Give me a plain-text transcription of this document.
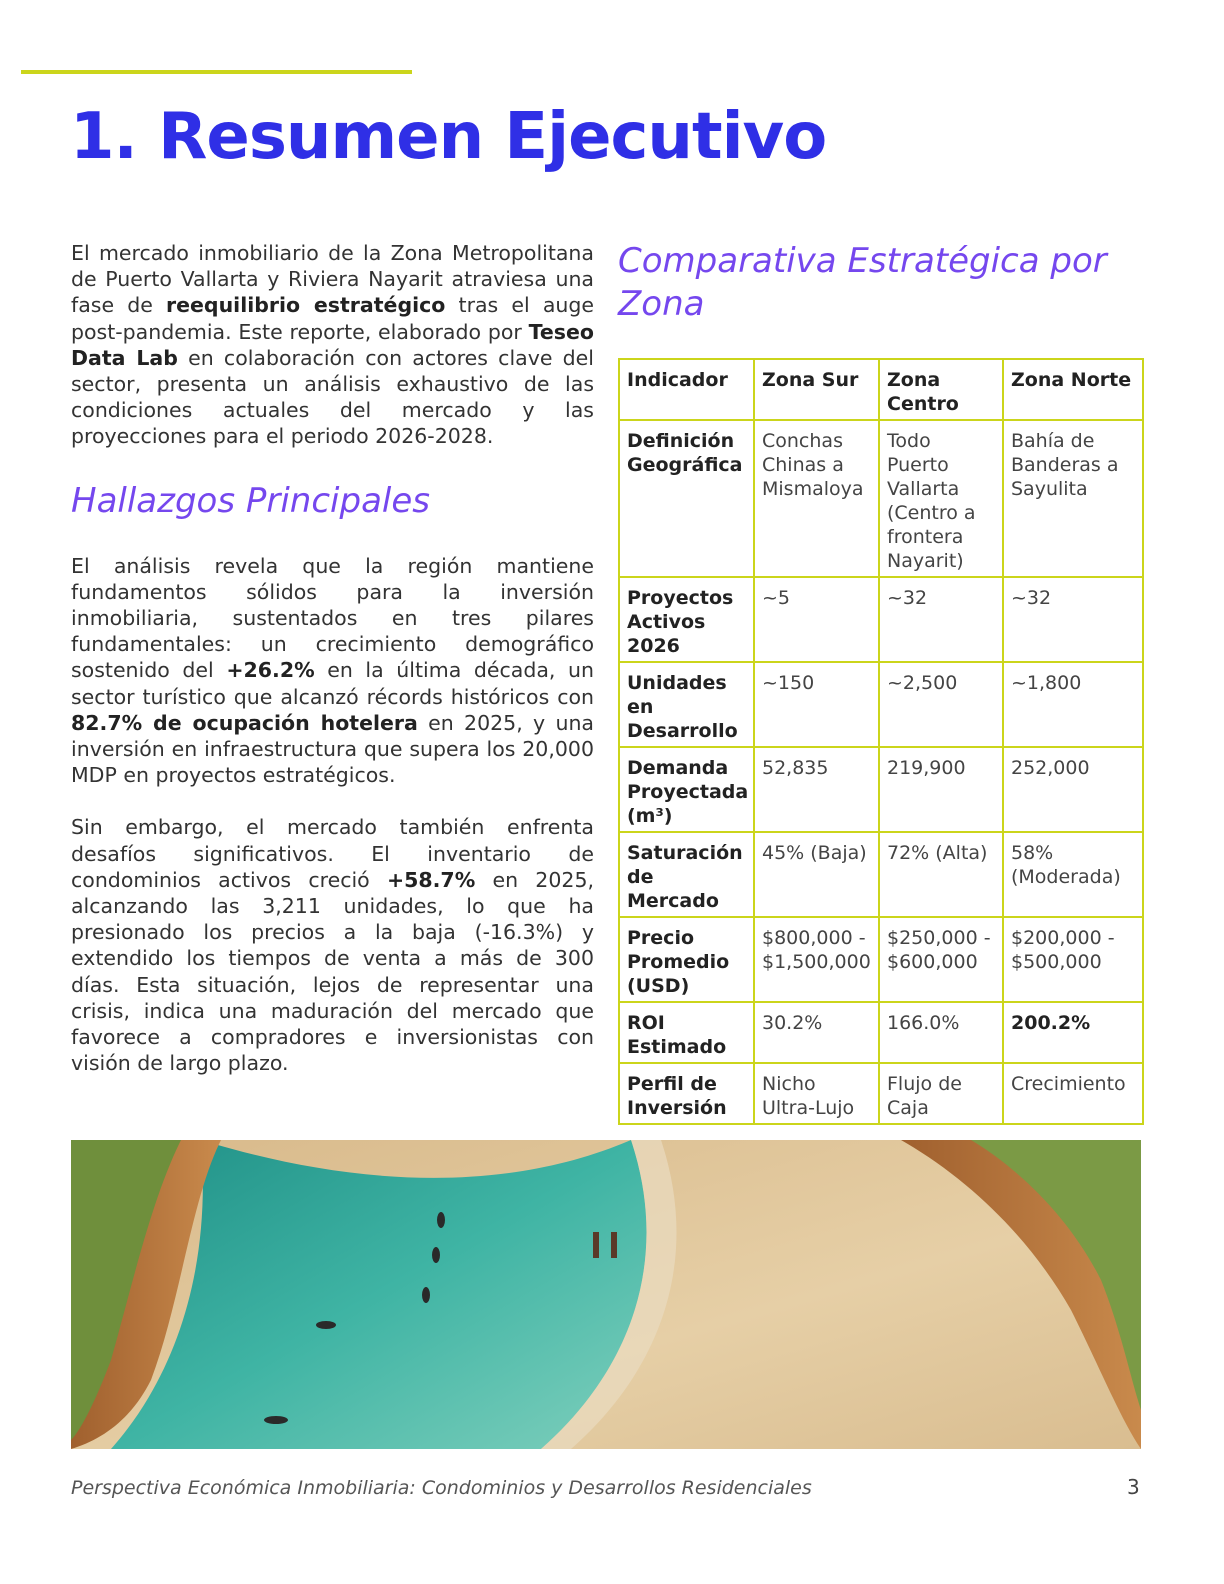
1. Resumen Ejecutivo

El mercado inmobiliario de la Zona Metropolitana de Puerto Vallarta y Riviera Nayarit atraviesa una fase de reequilibrio estratégico tras el auge post-pandemia. Este reporte, elaborado por Teseo Data Lab en colaboración con actores clave del sector, presenta un análisis exhaustivo de las condiciones actuales del mercado y las proyecciones para el periodo 2026-2028.

Hallazgos Principales

El análisis revela que la región mantiene fundamentos sólidos para la inversión inmobiliaria, sustentados en tres pilares fundamentales: un crecimiento demográfico sostenido del +26.2% en la última década, un sector turístico que alcanzó récords históricos con 82.7% de ocupación hotelera en 2025, y una inversión en infraestructura que supera los 20,000 MDP en proyectos estratégicos.

Sin embargo, el mercado también enfrenta desafíos significativos. El inventario de condominios activos creció +58.7% en 2025, alcanzando las 3,211 unidades, lo que ha presionado los precios a la baja (-16.3%) y extendido los tiempos de venta a más de 300 días. Esta situación, lejos de representar una crisis, indica una maduración del mercado que favorece a compradores e inversionistas con visión de largo plazo.

Comparativa Estratégica por Zona
Indicador	Zona Sur	Zona Centro	Zona Norte
Definición Geográfica	Conchas Chinas a Mismaloya	Todo Puerto Vallarta (Centro a frontera Nayarit)	Bahía de Banderas a Sayulita
Proyectos Activos 2026	~5	~32	~32
Unidades en Desarrollo	~150	~2,500	~1,800
Demanda Proyectada (m³)	52,835	219,900	252,000
Saturación de Mercado	45% (Baja)	72% (Alta)	58% (Moderada)
Precio Promedio (USD)	$800,000 - $1,500,000	$250,000 - $600,000	$200,000 - $500,000
ROI Estimado	30.2%	166.0%	200.2%
Perfil de Inversión	Nicho Ultra-Lujo	Flujo de Caja	Crecimiento
Perspectiva Económica Inmobiliaria: Condominios y Desarrollos Residenciales	3
